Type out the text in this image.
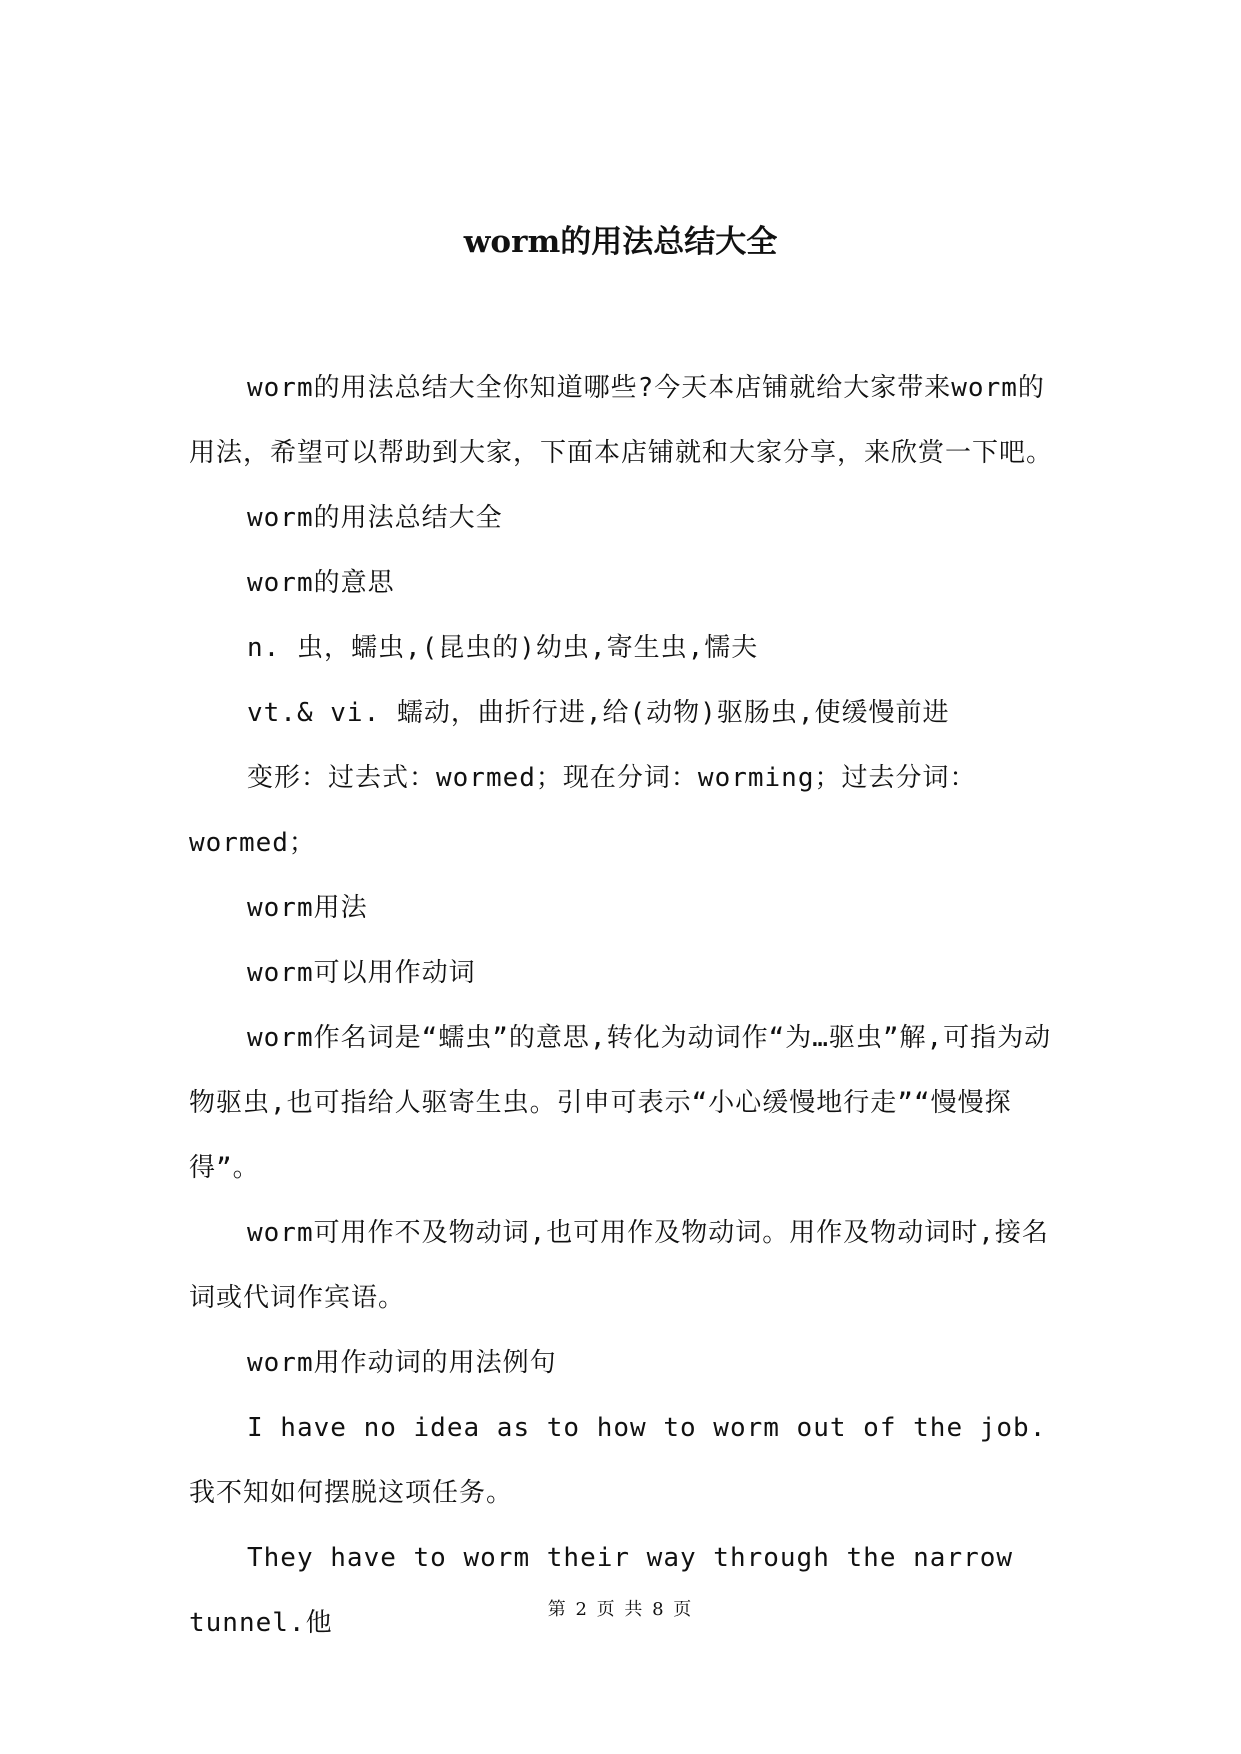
worm的用法总结大全

worm的用法总结大全你知道哪些?今天本店铺就给大家带来worm的用法，希望可以帮助到大家，下面本店铺就和大家分享，来欣赏一下吧。

worm的用法总结大全

worm的意思

n. 虫，蠕虫,(昆虫的)幼虫,寄生虫,懦夫

vt.& vi. 蠕动，曲折行进,给(动物)驱肠虫,使缓慢前进

变形：过去式：wormed；现在分词：worming；过去分词：wormed；

worm用法

worm可以用作动词

worm作名词是“蠕虫”的意思,转化为动词作“为…驱虫”解,可指为动物驱虫,也可指给人驱寄生虫。引申可表示“小心缓慢地行走”“慢慢探得”。

worm可用作不及物动词,也可用作及物动词。用作及物动词时,接名词或代词作宾语。

worm用作动词的用法例句

I have no idea as to how to worm out of the job.我不知如何摆脱这项任务。

They have to worm their way through the narrow tunnel.他	第 2 页 共 8 页
